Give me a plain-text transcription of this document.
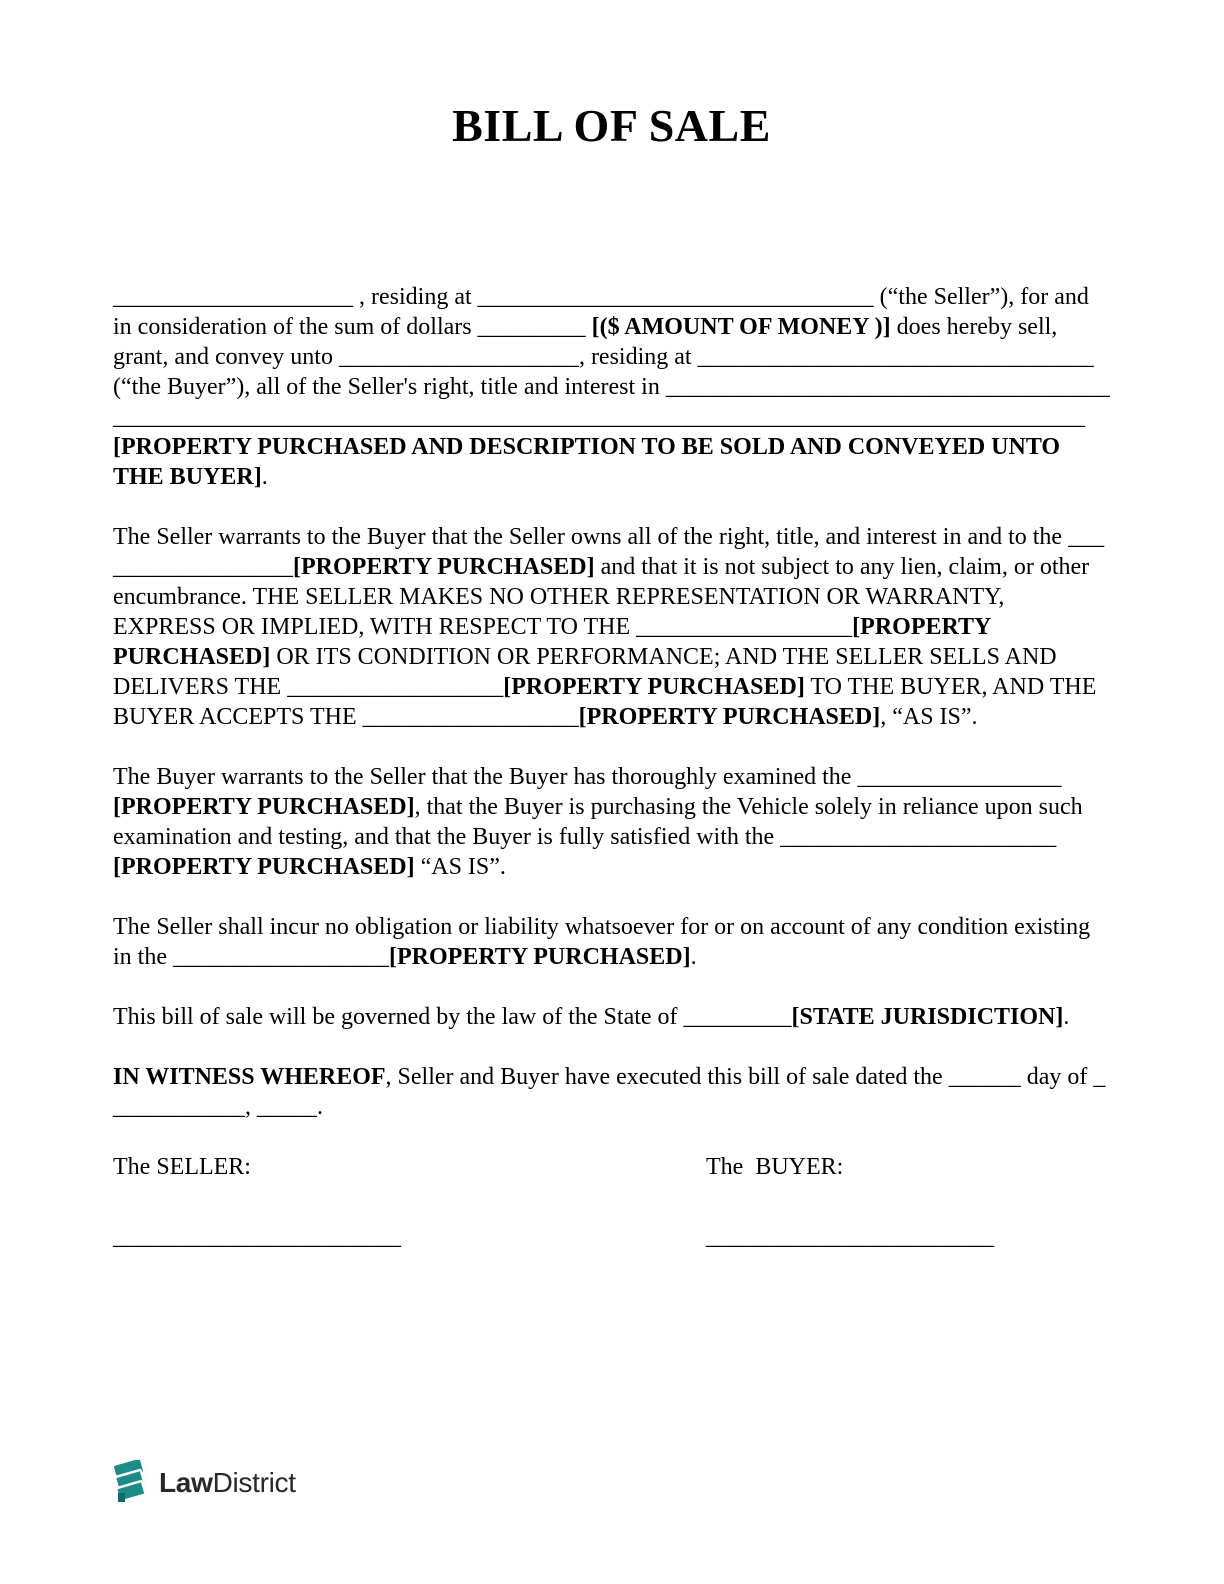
BILL OF SALE

____________________ , residing at _________________________________ (“the Seller”), for and in consideration of the sum of dollars _________ [($ AMOUNT OF MONEY )] does hereby sell, grant, and convey unto ____________________, residing at _________________________________ (“the Buyer”), all of the Seller's right, title and interest in ______________________________________________________________________________________________________________________[PROPERTY PURCHASED AND DESCRIPTION TO BE SOLD AND CONVEYED UNTO THE BUYER].

The Seller warrants to the Buyer that the Seller owns all of the right, title, and interest in and to the __________________[PROPERTY PURCHASED] and that it is not subject to any lien, claim, or other encumbrance. THE SELLER MAKES NO OTHER REPRESENTATION OR WARRANTY, EXPRESS OR IMPLIED, WITH RESPECT TO THE __________________[PROPERTY PURCHASED] OR ITS CONDITION OR PERFORMANCE; AND THE SELLER SELLS AND DELIVERS THE __________________[PROPERTY PURCHASED] TO THE BUYER, AND THE BUYER ACCEPTS THE __________________[PROPERTY PURCHASED], “AS IS”.

The Buyer warrants to the Seller that the Buyer has thoroughly examined the _________________ [PROPERTY PURCHASED], that the Buyer is purchasing the Vehicle solely in reliance upon such examination and testing, and that the Buyer is fully satisfied with the _______________________ [PROPERTY PURCHASED] “AS IS”.

The Seller shall incur no obligation or liability whatsoever for or on account of any condition existing in the __________________[PROPERTY PURCHASED].

This bill of sale will be governed by the law of the State of _________[STATE JURISDICTION].

IN WITNESS WHEREOF, Seller and Buyer have executed this bill of sale dated the ______ day of ____________, _____.

The SELLER:	The  BUYER:
________________________	________________________
LawDistrict
